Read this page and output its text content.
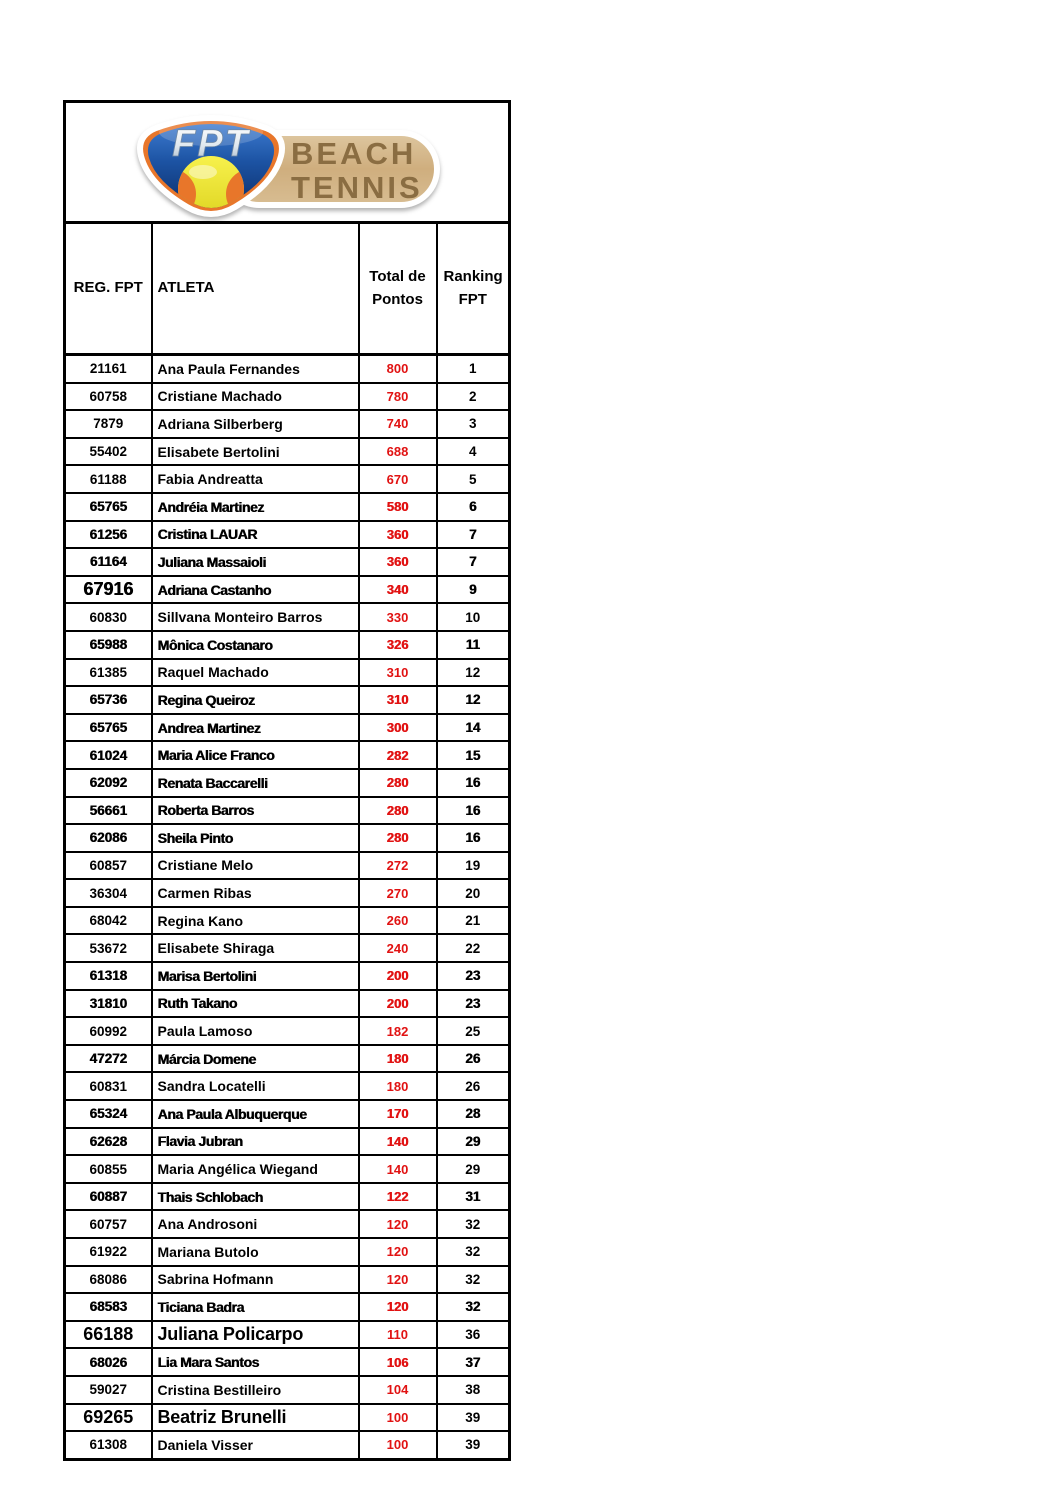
BEACH
TENNIS
FPT			

REG. FPT	ATLETA	Total de Pontos	Ranking FPT
21161	Ana Paula Fernandes	800	1
60758	Cristiane Machado	780	2
7879	Adriana Silberberg	740	3
55402	Elisabete Bertolini	688	4
61188	Fabia Andreatta	670	5
65765	Andréia Martinez	580	6
61256	Cristina LAUAR	360	7
61164	Juliana Massaioli	360	7
67916	Adriana Castanho	340	9
60830	Sillvana Monteiro Barros	330	10
65988	Mônica Costanaro	326	11
61385	Raquel Machado	310	12
65736	Regina Queiroz	310	12
65765	Andrea Martinez	300	14
61024	Maria Alice Franco	282	15
62092	Renata Baccarelli	280	16
56661	Roberta Barros	280	16
62086	Sheila Pinto	280	16
60857	Cristiane Melo	272	19
36304	Carmen Ribas	270	20
68042	Regina Kano	260	21
53672	Elisabete Shiraga	240	22
61318	Marisa Bertolini	200	23
31810	Ruth Takano	200	23
60992	Paula Lamoso	182	25
47272	Márcia Domene	180	26
60831	Sandra Locatelli	180	26
65324	Ana Paula Albuquerque	170	28
62628	Flavia Jubran	140	29
60855	Maria Angélica Wiegand	140	29
60887	Thais Schlobach	122	31
60757	Ana Androsoni	120	32
61922	Mariana Butolo	120	32
68086	Sabrina Hofmann	120	32
68583	Ticiana Badra	120	32
66188	Juliana Policarpo	110	36
68026	Lia Mara Santos	106	37
59027	Cristina Bestilleiro	104	38
69265	Beatriz Brunelli	100	39
61308	Daniela Visser	100	39
